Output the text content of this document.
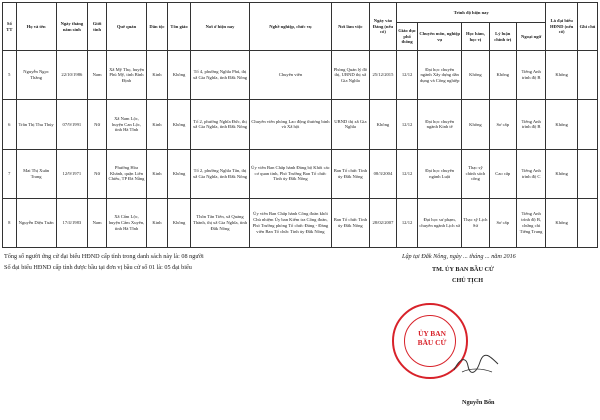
Số TT	Họ và tên	Ngày tháng năm sinh	Giới tính	Quê quán	Dân tộc	Tôn giáo	Nơi ở hiện nay	Nghề nghiệp, chức vụ	Nơi làm việc	Ngày vào Đảng (nếu có)	Trình độ hiện nay					Là đại biểu HĐND (nếu có)	Ghi chú
											Giáo dục phổ thông	Chuyên môn, nghiệp vụ	Học hàm, học vị	Lý luận chính trị	Ngoại ngữ		
5	Nguyễn Ngọc Thắng	22/10/1986	Nam	Xã Mỹ Thọ, huyện Phù Mỹ, tỉnh Bình Định	Kinh	Không	Tổ 4, phường Nghĩa Phú, thị xã Gia Nghĩa, tỉnh Đắk Nông	Chuyên viên	Phòng Quản lý đô thị, UBND thị xã Gia Nghĩa	25/12/2015	12/12	Đại học chuyên ngành Xây dựng dân dụng và Công nghiệp	Không	Không	Tiếng Anh trình độ B	Không	
6	Trần Thị Thu Thủy	07/9/1991	Nữ	Xã Nam Lộc, huyện Can Lộc, tỉnh Hà Tĩnh	Kinh	Không	Tổ 2, phường Nghĩa Đức, thị xã Gia Nghĩa, tỉnh Đắk Nông	Chuyên viên phòng Lao động thương binh và Xã hội	UBND thị xã Gia Nghĩa	Không	12/12	Đại học chuyên ngành Kinh tế	Không	Sơ cấp	Tiếng Anh trình độ B	Không	
7	Mai Thị Xuân Trang	12/9/1971	Nữ	Phường Hòa Khánh, quận Liên Chiểu, TP Đà Nẵng	Kinh	Không	Tổ 2, phường Nghĩa Tân, thị xã Gia Nghĩa, tỉnh Đắk Nông	Ủy viên Ban Chấp hành Đảng bộ Khối các cơ quan tỉnh, Phó Trưởng Ban Tổ chức Tỉnh ủy Đắk Nông	Ban Tổ chức Tỉnh ủy Đắk Nông	08/3/2004	12/12	Đại học chuyên ngành Luật	Thạc sỹ chính sách công	Cao cấp	Tiếng Anh trình độ C	Không	
8	Nguyễn Diệu Tuấn	17/4/1983	Nam	Xã Cẩm Lộc, huyện Cẩm Xuyên, tỉnh Hà Tĩnh	Kinh	Không	Thôn Tân Tiến, xã Quảng Thành, thị xã Gia Nghĩa, tỉnh Đắk Nông	Ủy viên Ban Chấp hành Công đoàn khối Chủ nhiệm Ủy ban Kiểm tra Công đoàn, Phó Trưởng phòng Tổ chức Đảng - Đảng viên Ban Tổ chức Tỉnh ủy Đắk Nông	Ban Tổ chức Tỉnh ủy Đắk Nông	28/02/2007	12/12	Đại học sư phạm, chuyên ngành Lịch sử	Thạc sỹ Lịch Sử	Sơ cấp	Tiếng Anh trình độ B, chứng chỉ Tiếng Trung	Không	
Tổng số người ứng cử đại biểu HĐND cấp tỉnh trong danh sách này là: 08 người
Số đại biểu HĐND cấp tỉnh được bầu tại đơn vị bầu cử số 01 là: 05 đại biểu
Lập tại Đắk Nông, ngày ... tháng ... năm 2016
TM. ỦY BAN BẦU CỬ
CHỦ TỊCH
ỦY BAN
BẦU CỬ
Nguyễn Bốn
